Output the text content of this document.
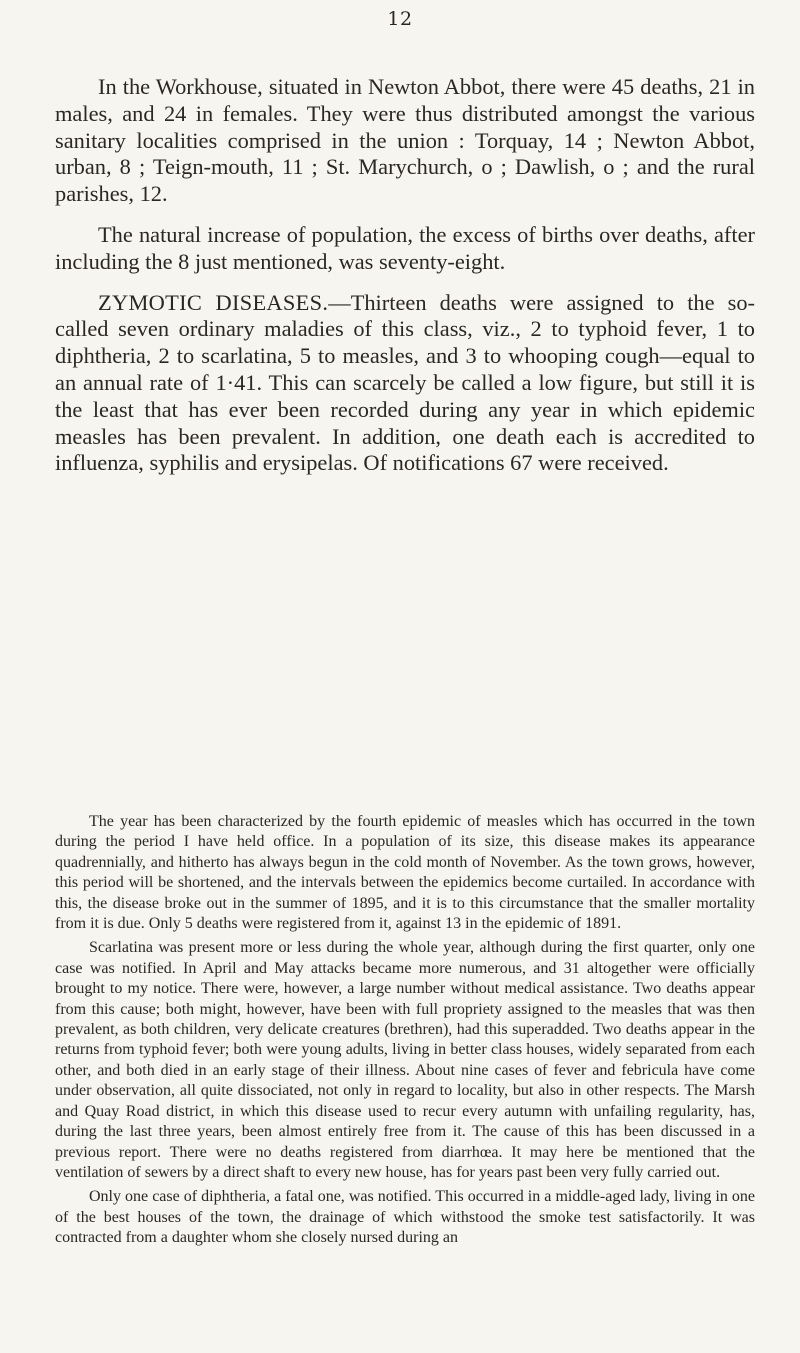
12

In the Workhouse, situated in Newton Abbot, there were 45 deaths, 21 in males, and 24 in females. They were thus distributed amongst the various sanitary localities comprised in the union : Torquay, 14 ; Newton Abbot, urban, 8 ; Teign-mouth, 11 ; St. Marychurch, o ; Dawlish, o ; and the rural parishes, 12.

The natural increase of population, the excess of births over deaths, after including the 8 just mentioned, was seventy-eight.

ZYMOTIC DISEASES.—Thirteen deaths were assigned to the so-called seven ordinary maladies of this class, viz., 2 to typhoid fever, 1 to diphtheria, 2 to scarlatina, 5 to measles, and 3 to whooping cough—equal to an annual rate of 1·41. This can scarcely be called a low figure, but still it is the least that has ever been recorded during any year in which epidemic measles has been prevalent. In addition, one death each is accredited to influenza, syphilis and erysipelas. Of notifications 67 were received.

The year has been characterized by the fourth epidemic of measles which has occurred in the town during the period I have held office. In a population of its size, this disease makes its appearance quadrennially, and hitherto has always begun in the cold month of November. As the town grows, however, this period will be shortened, and the intervals between the epidemics become curtailed. In accordance with this, the disease broke out in the summer of 1895, and it is to this circumstance that the smaller mortality from it is due. Only 5 deaths were registered from it, against 13 in the epidemic of 1891.

Scarlatina was present more or less during the whole year, although during the first quarter, only one case was notified. In April and May attacks became more numerous, and 31 altogether were officially brought to my notice. There were, however, a large number without medical assistance. Two deaths appear from this cause; both might, however, have been with full propriety assigned to the measles that was then prevalent, as both children, very delicate creatures (brethren), had this superadded. Two deaths appear in the returns from typhoid fever; both were young adults, living in better class houses, widely separated from each other, and both died in an early stage of their illness. About nine cases of fever and febricula have come under observation, all quite dissociated, not only in regard to locality, but also in other respects. The Marsh and Quay Road district, in which this disease used to recur every autumn with unfailing regularity, has, during the last three years, been almost entirely free from it. The cause of this has been discussed in a previous report. There were no deaths registered from diarrhœa. It may here be mentioned that the ventilation of sewers by a direct shaft to every new house, has for years past been very fully carried out.

Only one case of diphtheria, a fatal one, was notified. This occurred in a middle-aged lady, living in one of the best houses of the town, the drainage of which withstood the smoke test satisfactorily. It was contracted from a daughter whom she closely nursed during an
